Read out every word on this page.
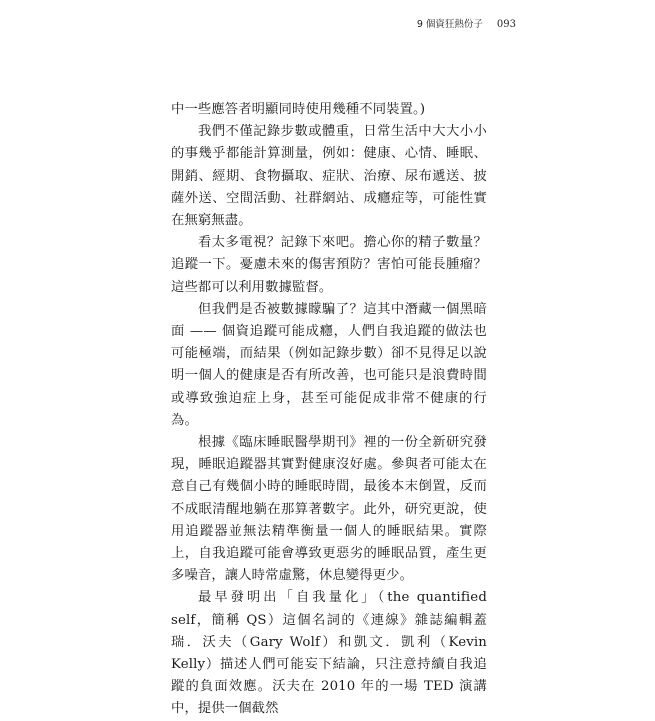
9 個資狂熱份子 093

中一些應答者明顯同時使用幾種不同裝置。)

我們不僅記錄步數或體重，日常生活中大大小小的事幾乎都能計算測量，例如：健康、心情、睡眠、開銷、經期、食物攝取、症狀、治療、尿布遞送、披薩外送、空間活動、社群網站、成癮症等，可能性實在無窮無盡。

看太多電視？記錄下來吧。擔心你的精子數量？追蹤一下。憂慮未來的傷害預防？害怕可能長腫瘤？這些都可以利用數據監督。

但我們是否被數據矇騙了？這其中潛藏一個黑暗面 —— 個資追蹤可能成癮，人們自我追蹤的做法也可能極端，而結果（例如記錄步數）卻不見得足以說明一個人的健康是否有所改善，也可能只是浪費時間或導致強迫症上身，甚至可能促成非常不健康的行為。

根據《臨床睡眠醫學期刊》裡的一份全新研究發現，睡眠追蹤器其實對健康沒好處。參與者可能太在意自己有幾個小時的睡眠時間，最後本末倒置，反而不成眠清醒地躺在那算著數字。此外，研究更說，使用追蹤器並無法精準衡量一個人的睡眠結果。實際上，自我追蹤可能會導致更惡劣的睡眠品質，產生更多噪音，讓人時常虛驚，休息變得更少。

最早發明出「自我量化」（the quantified self，簡稱 QS）這個名詞的《連線》雜誌編輯蓋瑞．沃夫（Gary Wolf）和凱文．凱利（Kevin Kelly）描述人們可能妄下結論，只注意持續自我追蹤的負面效應。沃夫在 2010 年的一場 TED 演講中，提供一個截然
